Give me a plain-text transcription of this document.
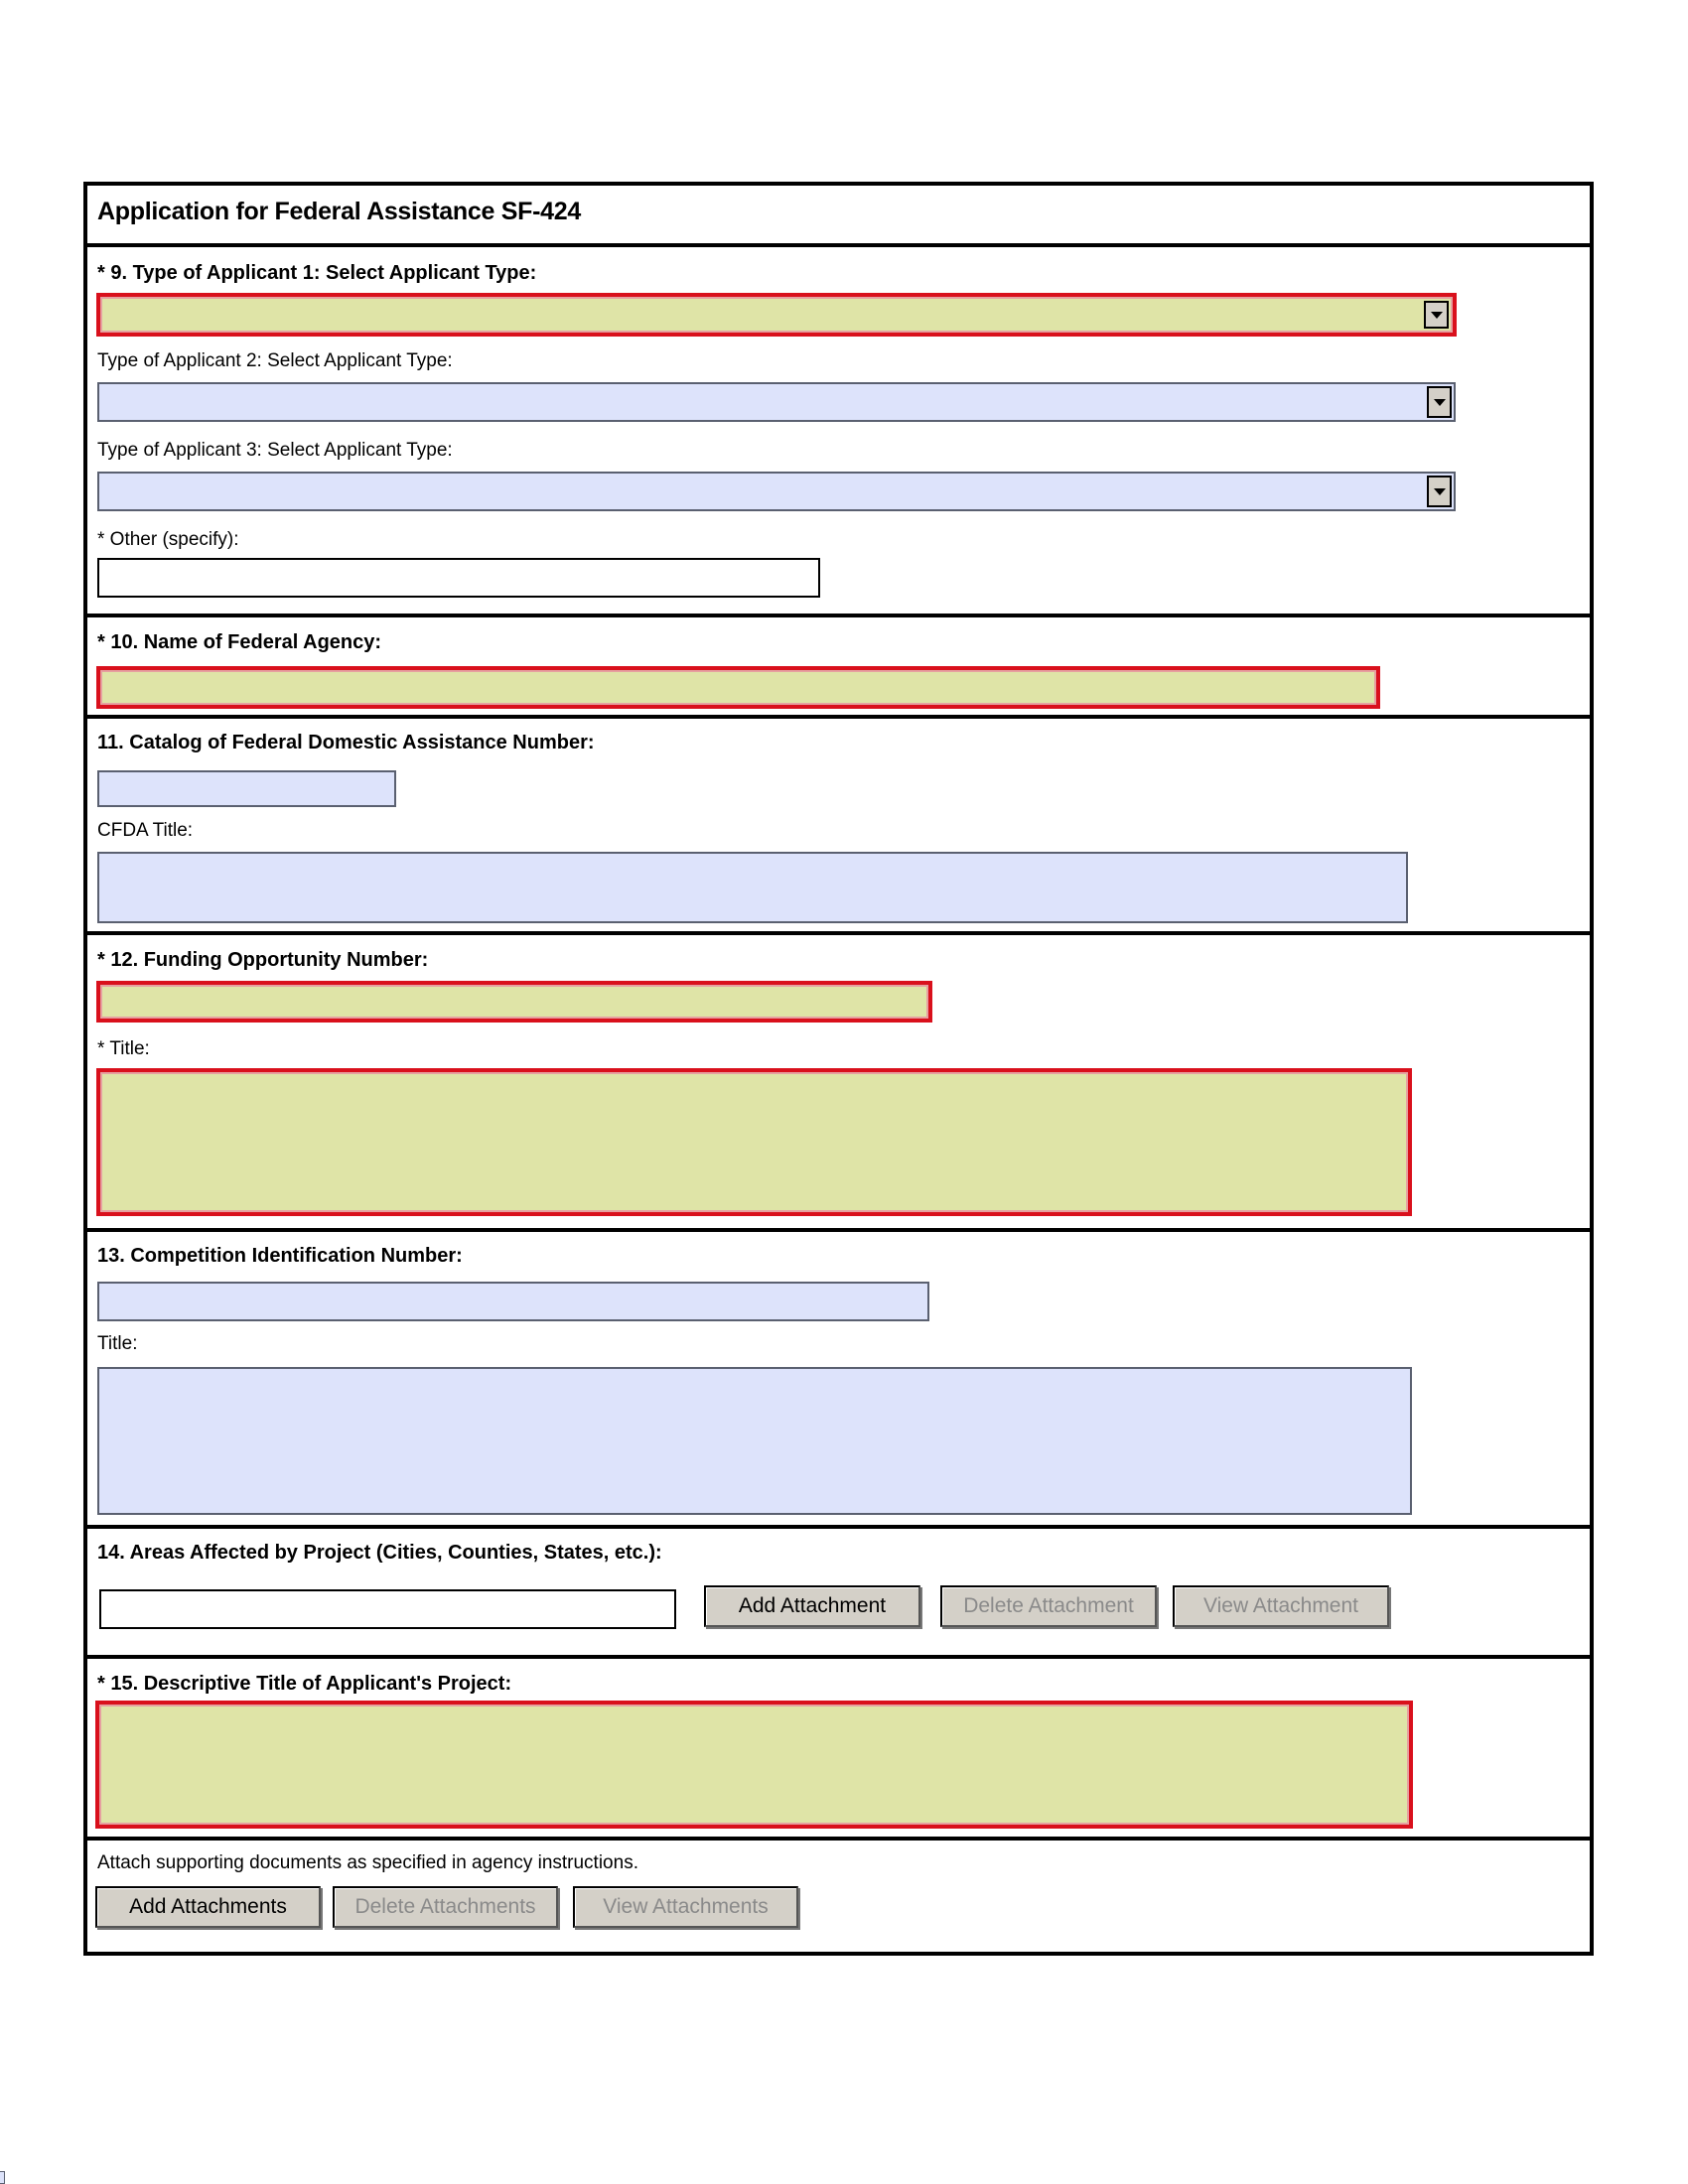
Application for Federal Assistance SF-424
* 9. Type of Applicant 1: Select Applicant Type:
Type of Applicant 2: Select Applicant Type:
Type of Applicant 3: Select Applicant Type:
* Other (specify):
* 10. Name of Federal Agency:
11. Catalog of Federal Domestic Assistance Number:
CFDA Title:
* 12. Funding Opportunity Number:
* Title:
13. Competition Identification Number:
Title:
14. Areas Affected by Project (Cities, Counties, States, etc.):
Add Attachment	Delete Attachment	View Attachment
* 15. Descriptive Title of Applicant's Project:
Attach supporting documents as specified in agency instructions.
Add Attachments	Delete Attachments	View Attachments
